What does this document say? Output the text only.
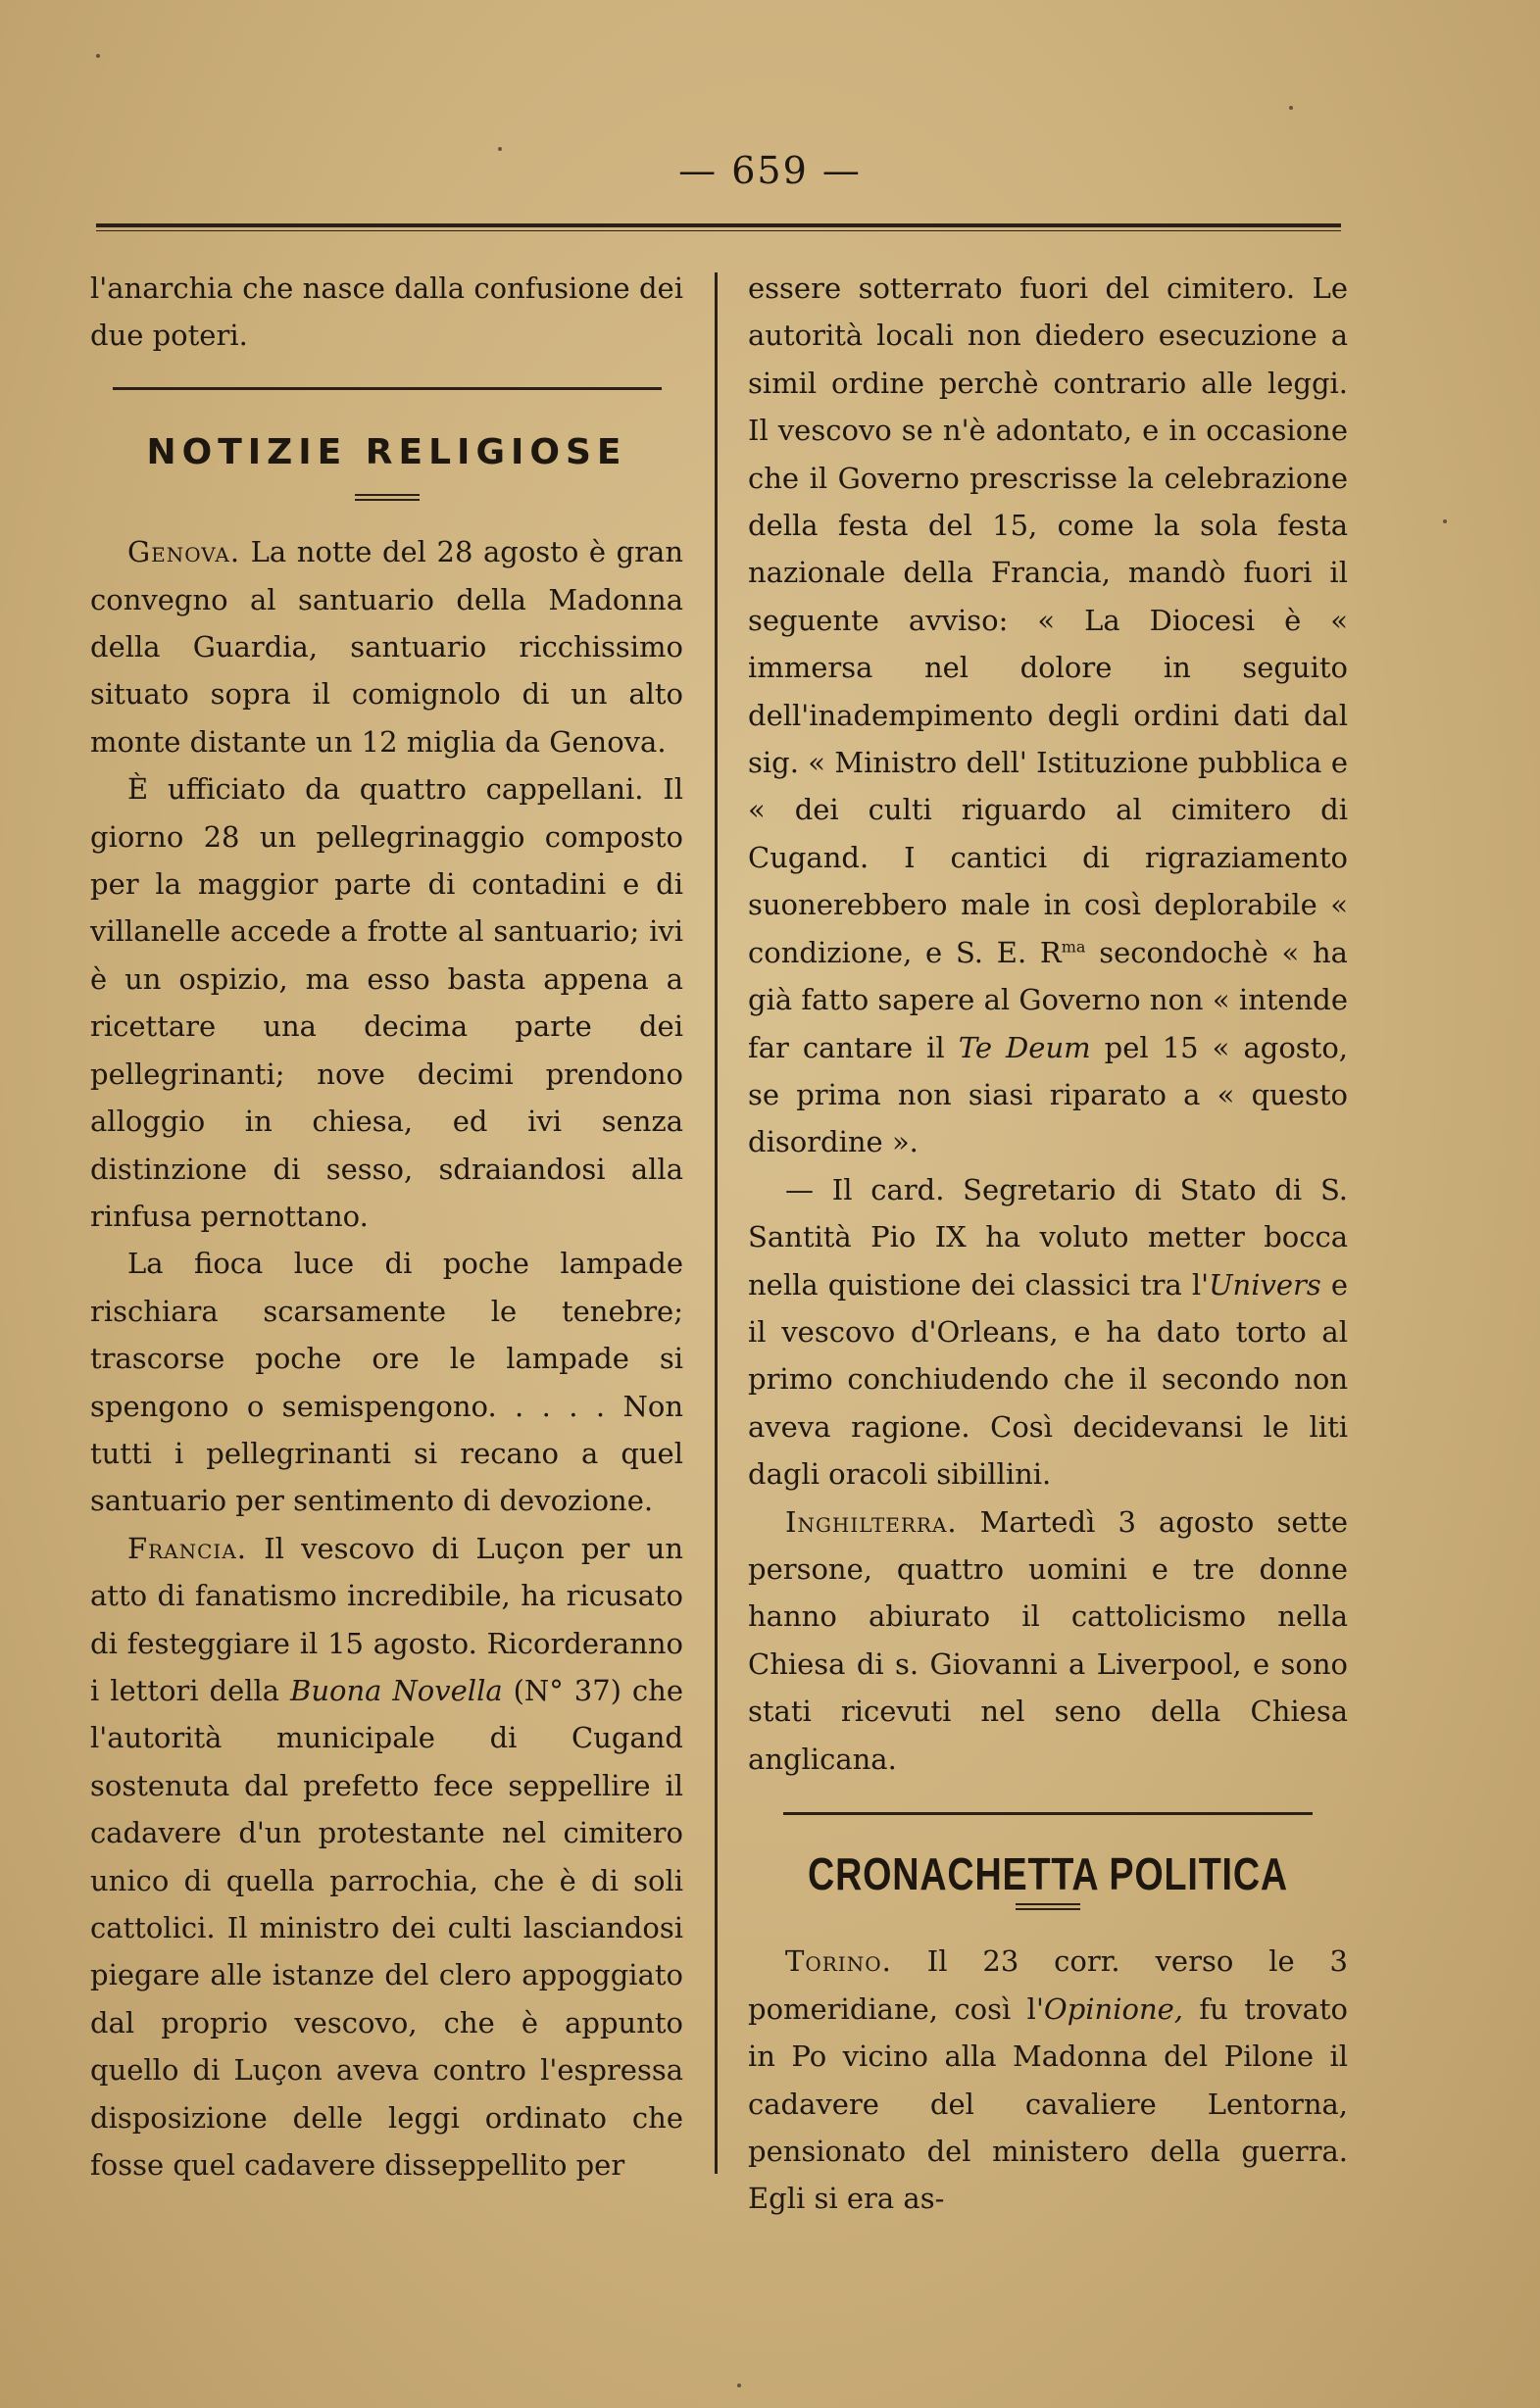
— 659 —

l'anarchia che nasce dalla confusione dei due poteri.

NOTIZIE RELIGIOSE

Genova. La notte del 28 agosto è gran convegno al santuario della Madonna della Guardia, santuario ricchissimo situato sopra il comignolo di un alto monte distante un 12 miglia da Genova.

È ufficiato da quattro cappellani. Il giorno 28 un pellegrinaggio composto per la maggior parte di contadini e di villanelle accede a frotte al santuario; ivi è un ospizio, ma esso basta appena a ricettare una decima parte dei pellegrinanti; nove decimi prendono alloggio in chiesa, ed ivi senza distinzione di sesso, sdraiandosi alla rinfusa pernottano.

La fioca luce di poche lampade rischiara scarsamente le tenebre; trascorse poche ore le lampade si spengono o semispengono. . . . . Non tutti i pellegrinanti si recano a quel santuario per sentimento di devozione.

Francia. Il vescovo di Luçon per un atto di fanatismo incredibile, ha ricusato di festeggiare il 15 agosto. Ricorderanno i lettori della Buona Novella (N° 37) che l'autorità municipale di Cugand sostenuta dal prefetto fece seppellire il cadavere d'un protestante nel cimitero unico di quella parrochia, che è di soli cattolici. Il ministro dei culti lasciandosi piegare alle istanze del clero appoggiato dal proprio vescovo, che è appunto quello di Luçon aveva contro l'espressa disposizione delle leggi ordinato che fosse quel cadavere disseppellito per

essere sotterrato fuori del cimitero. Le autorità locali non diedero esecuzione a simil ordine perchè contrario alle leggi. Il vescovo se n'è adontato, e in occasione che il Governo prescrisse la celebrazione della festa del 15, come la sola festa nazionale della Francia, mandò fuori il seguente avviso: « La Diocesi è « immersa nel dolore in seguito dell'inadempimento degli ordini dati dal sig. « Ministro dell' Istituzione pubblica e « dei culti riguardo al cimitero di Cugand. I cantici di rigraziamento suonerebbero male in così deplorabile « condizione, e S. E. $R^{ma}$ secondochè « ha già fatto sapere al Governo non « intende far cantare il Te Deum pel 15 « agosto, se prima non siasi riparato a « questo disordine ».

— Il card. Segretario di Stato di S. Santità Pio IX ha voluto metter bocca nella quistione dei classici tra l'Univers e il vescovo d'Orleans, e ha dato torto al primo conchiudendo che il secondo non aveva ragione. Così decidevansi le liti dagli oracoli sibillini.

Inghilterra. Martedì 3 agosto sette persone, quattro uomini e tre donne hanno abiurato il cattolicismo nella Chiesa di s. Giovanni a Liverpool, e sono stati ricevuti nel seno della Chiesa anglicana.

CRONACHETTA POLITICA

Torino. Il 23 corr. verso le 3 pomeridiane, così l'Opinione, fu trovato in Po vicino alla Madonna del Pilone il cadavere del cavaliere Lentorna, pensionato del ministero della guerra. Egli si era as-
